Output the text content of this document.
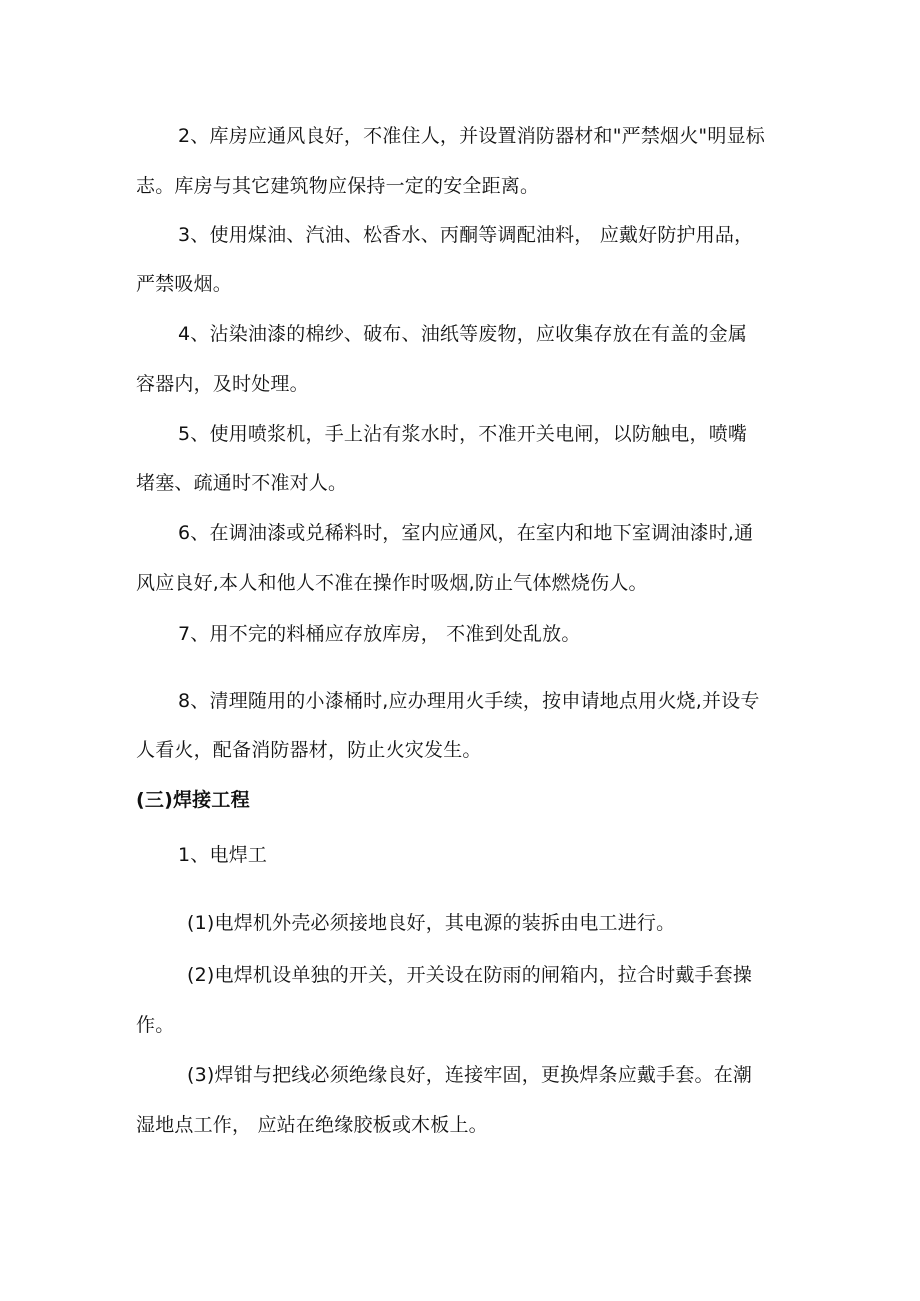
2、库房应通风良好，不准住人，并设置消防器材和"严禁烟火"明显标
志。库房与其它建筑物应保持一定的安全距离。
3、使用煤油、汽油、松香水、丙酮等调配油料， 应戴好防护用品，
严禁吸烟。
4、沾染油漆的棉纱、破布、油纸等废物，应收集存放在有盖的金属
容器内，及时处理。
5、使用喷浆机，手上沾有浆水时，不准开关电闸，以防触电，喷嘴
堵塞、疏通时不准对人。
6、在调油漆或兑稀料时，室内应通风，在室内和地下室调油漆时,通
风应良好,本人和他人不准在操作时吸烟,防止气体燃烧伤人。
7、用不完的料桶应存放库房， 不准到处乱放。
8、清理随用的小漆桶时,应办理用火手续，按申请地点用火烧,并设专
人看火，配备消防器材，防止火灾发生。
(三)焊接工程
1、电焊工
(1)电焊机外壳必须接地良好，其电源的装拆由电工进行。
(2)电焊机设单独的开关，开关设在防雨的闸箱内，拉合时戴手套操
作。
(3)焊钳与把线必须绝缘良好，连接牢固，更换焊条应戴手套。在潮
湿地点工作， 应站在绝缘胶板或木板上。
